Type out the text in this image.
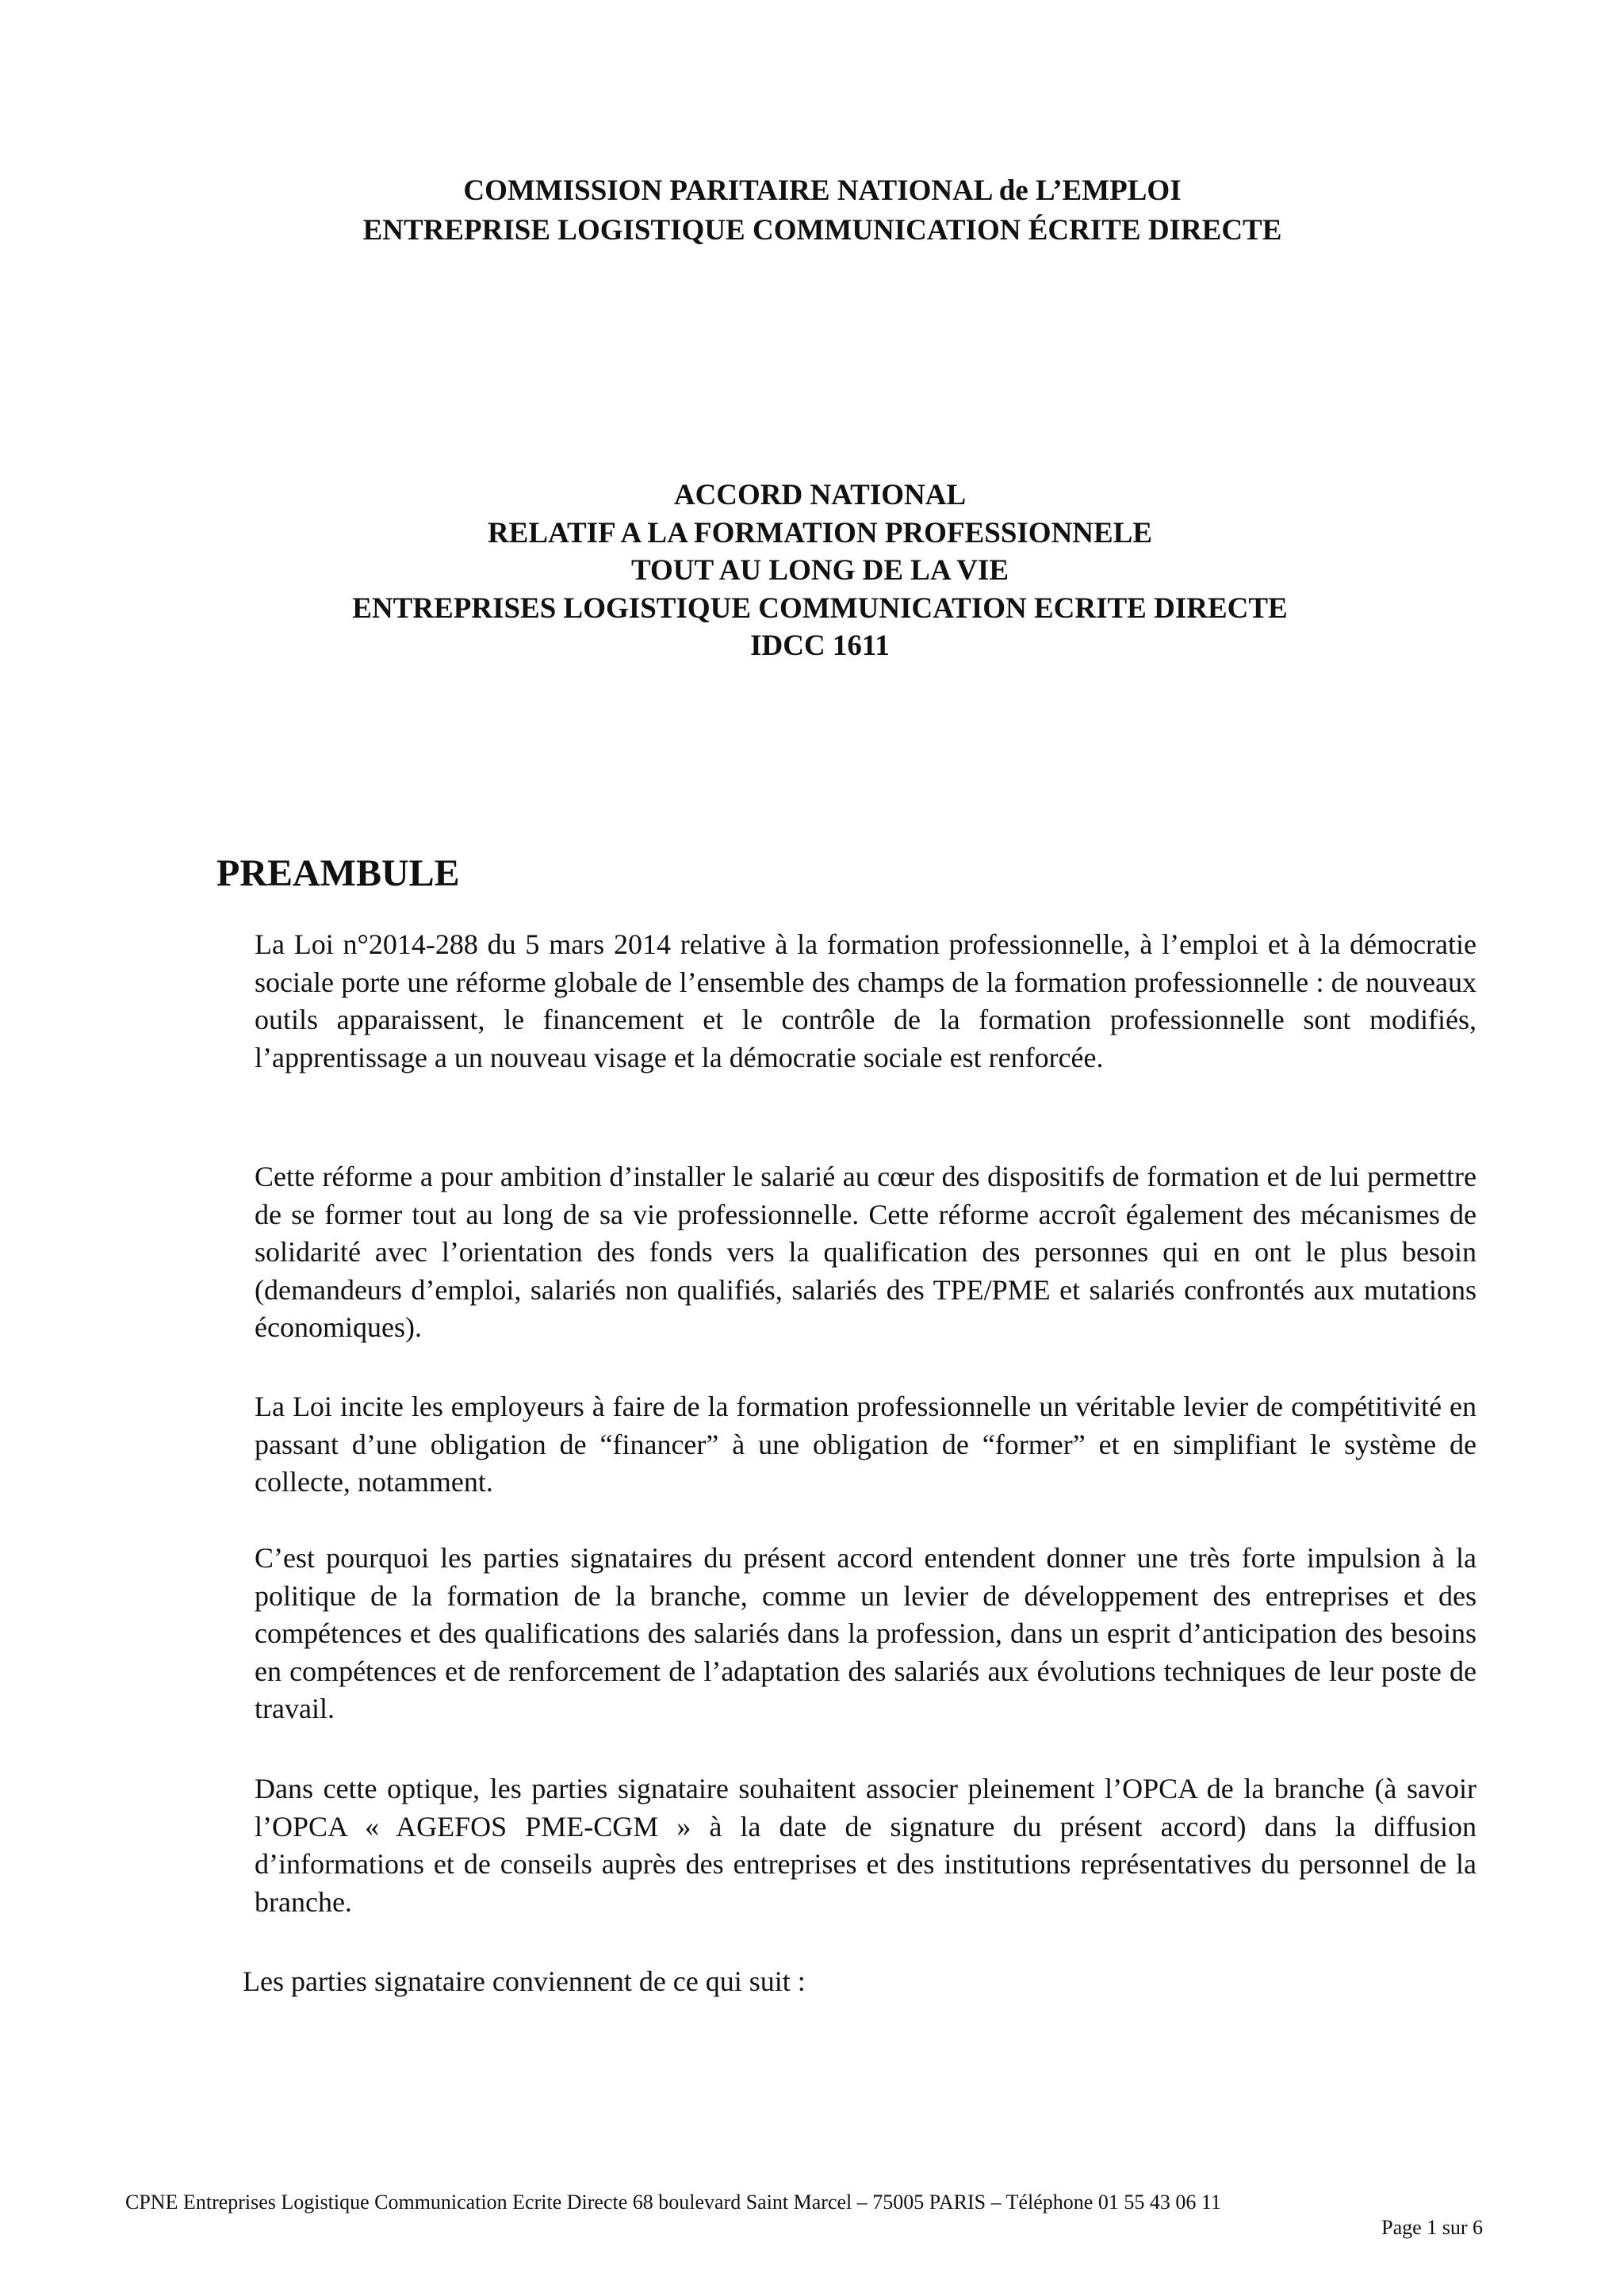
COMMISSION PARITAIRE NATIONAL de L’EMPLOI
ENTREPRISE LOGISTIQUE COMMUNICATION ÉCRITE DIRECTE
ACCORD NATIONAL
RELATIF A LA FORMATION PROFESSIONNELE
TOUT AU LONG DE LA VIE
ENTREPRISES LOGISTIQUE COMMUNICATION ECRITE DIRECTE
IDCC 1611
PREAMBULE

La Loi n°2014-288 du 5 mars 2014 relative à la formation professionnelle, à l’emploi et à la démocratie sociale porte une réforme globale de l’ensemble des champs de la formation professionnelle : de nouveaux outils apparaissent, le financement et le contrôle de la formation professionnelle sont modifiés, l’apprentissage a un nouveau visage et la démocratie sociale est renforcée.

Cette réforme a pour ambition d’installer le salarié au cœur des dispositifs de formation et de lui permettre de se former tout au long de sa vie professionnelle. Cette réforme accroît également des mécanismes de solidarité avec l’orientation des fonds vers la qualification des personnes qui en ont le plus besoin (demandeurs d’emploi, salariés non qualifiés, salariés des TPE/PME et salariés confrontés aux mutations économiques).

La Loi incite les employeurs à faire de la formation professionnelle un véritable levier de compétitivité en passant d’une obligation de “financer” à une obligation de “former” et en simplifiant le système de collecte, notamment.

C’est pourquoi les parties signataires du présent accord entendent donner une très forte impulsion à la politique de la formation de la branche, comme un levier de développement des entreprises et des compétences et des qualifications des salariés dans la profession, dans un esprit d’anticipation des besoins en compétences et de renforcement de l’adaptation des salariés aux évolutions techniques de leur poste de travail.

Dans cette optique, les parties signataire souhaitent associer pleinement l’OPCA de la branche (à savoir l’OPCA « AGEFOS PME-CGM » à la date de signature du présent accord) dans la diffusion d’informations et de conseils auprès des entreprises et des institutions représentatives du personnel de la branche.

Les parties signataire conviennent de ce qui suit :

CPNE Entreprises Logistique Communication Ecrite Directe 68 boulevard Saint Marcel – 75005 PARIS – Téléphone 01 55 43 06 11
Page 1 sur 6
